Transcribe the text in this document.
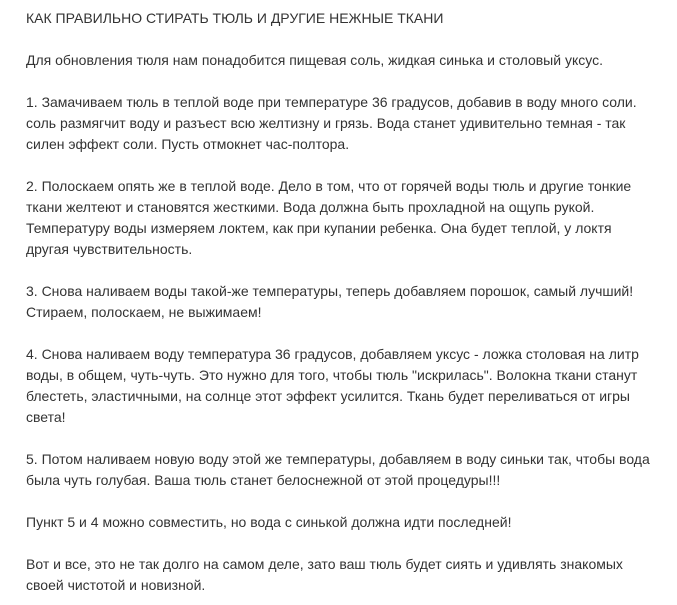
КАК ПРАВИЛЬНО СТИРАТЬ ТЮЛЬ И ДРУГИЕ НЕЖНЫЕ ТКАНИ

Для обновления тюля нам понадобится пищевая соль, жидкая синька и столовый уксус.

1. Замачиваем тюль в теплой воде при температуре 36 градусов, добавив в воду много соли. соль размягчит воду и разъест всю желтизну и грязь. Вода станет удивительно темная - так силен эффект соли. Пусть отмокнет час-полтора.

2. Полоскаем опять же в теплой воде. Дело в том, что от горячей воды тюль и другие тонкие ткани желтеют и становятся жесткими. Вода должна быть прохладной на ощупь рукой. Температуру воды измеряем локтем, как при купании ребенка. Она будет теплой, у локтя другая чувствительность.

3. Снова наливаем воды такой-же температуры, теперь добавляем порошок, самый лучший! Стираем, полоскаем, не выжимаем!

4. Снова наливаем воду температура 36 градусов, добавляем уксус - ложка столовая на литр воды, в общем, чуть-чуть. Это нужно для того, чтобы тюль "искрилась". Волокна ткани станут блестеть, эластичными, на солнце этот эффект усилится. Ткань будет переливаться от игры света!

5. Потом наливаем новую воду этой же температуры, добавляем в воду синьки так, чтобы вода была чуть голубая. Ваша тюль станет белоснежной от этой процедуры!!!

Пункт 5 и 4 можно совместить, но вода с синькой должна идти последней!

Вот и все, это не так долго на самом деле, зато ваш тюль будет сиять и удивлять знакомых своей чистотой и новизной.
